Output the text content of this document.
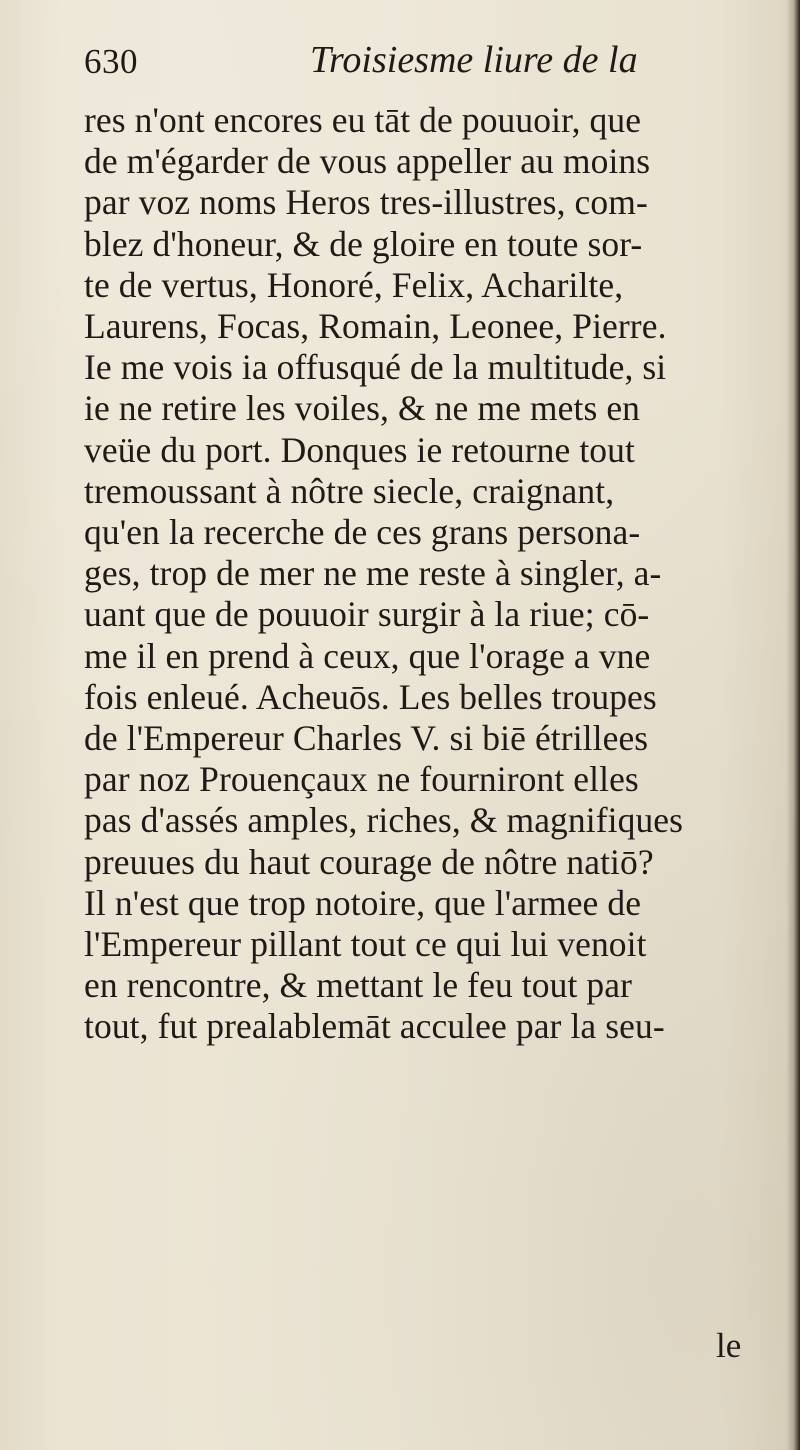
630	Troisiesme liure de la
res n'ont encores eu tāt de pouuoir, que
de m'égarder de vous appeller au moins
par voz noms Heros tres-illustres, com-
blez d'honeur, & de gloire en toute sor-
te de vertus, Honoré, Felix, Acharilte,
Laurens, Focas, Romain, Leonee, Pierre.
Ie me vois ia offusqué de la multitude, si
ie ne retire les voiles, & ne me mets en
veüe du port. Donques ie retourne tout
tremoussant à nôtre siecle, craignant,
qu'en la recerche de ces grans persona-
ges, trop de mer ne me reste à singler, a-
uant que de pouuoir surgir à la riue; cō-
me il en prend à ceux, que l'orage a vne
fois enleué. Acheuōs. Les belles troupes
de l'Empereur Charles V. si biē étrillees
par noz Prouençaux ne fourniront elles
pas d'assés amples, riches, & magnifiques
preuues du haut courage de nôtre natiō?
Il n'est que trop notoire, que l'armee de
l'Empereur pillant tout ce qui lui venoit
en rencontre, & mettant le feu tout par
tout, fut prealablemāt acculee par la seu-
le
